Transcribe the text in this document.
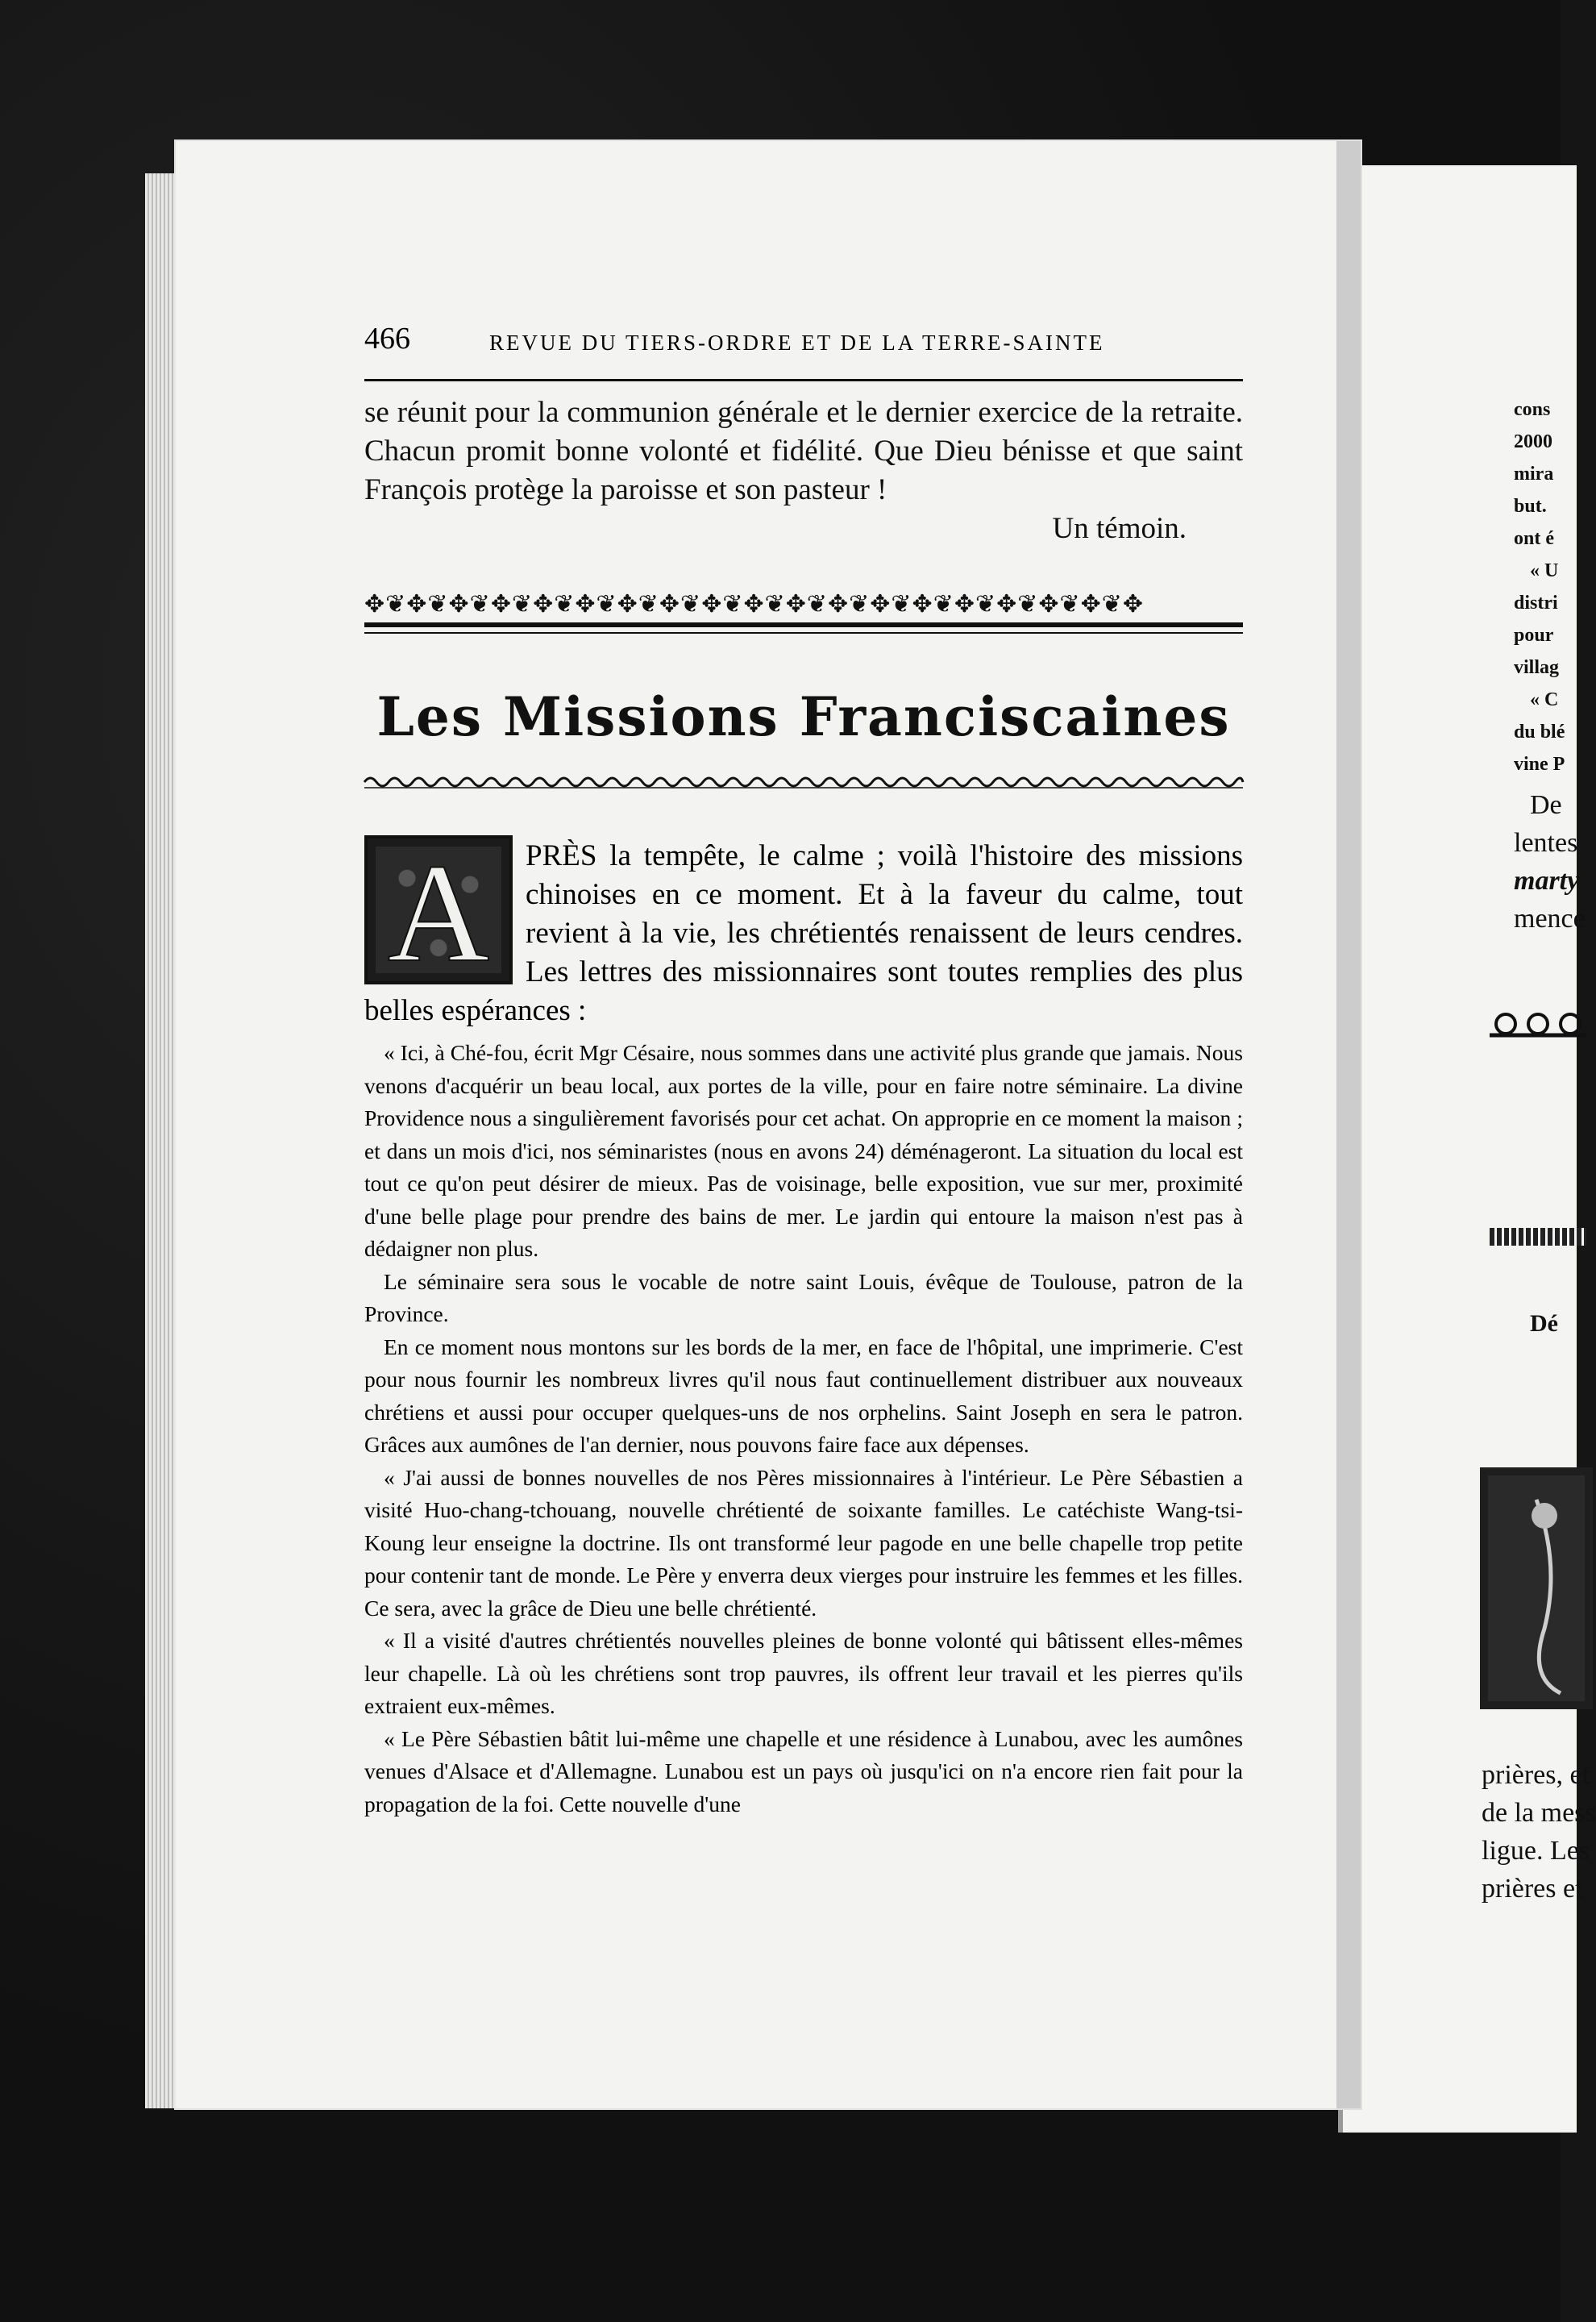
cons
2000
mira
but.
ont é
« U
distri
pour
villag
« C
du blé
vine P
De
lentes
marty
mence
Dé
prières, et
de la mess
ligue. Les
prières et
466	REVUE DU TIERS-ORDRE ET DE LA TERRE-SAINTE

se réunit pour la communion générale et le dernier exercice de la retraite. Chacun promit bonne volonté et fidélité. Que Dieu bénisse et que saint François protège la paroisse et son pasteur !

Un témoin.

✥❦✥❦✥❦✥❦✥❦✥❦✥❦✥❦✥❦✥❦✥❦✥❦✥❦✥❦✥❦✥❦✥❦✥❦✥
Les Missions Franciscaines
A	PRÈS la tempête, le calme ; voilà l'histoire des missions chinoises en ce moment. Et à la faveur du calme, tout revient à la vie, les chrétientés renaissent de leurs cendres. Les lettres des missionnaires sont toutes remplies des plus belles espérances :

« Ici, à Ché-fou, écrit Mgr Césaire, nous sommes dans une activité plus grande que jamais. Nous venons d'acquérir un beau local, aux portes de la ville, pour en faire notre séminaire. La divine Providence nous a singulièrement favorisés pour cet achat. On approprie en ce moment la maison ; et dans un mois d'ici, nos séminaristes (nous en avons 24) déménageront. La situation du local est tout ce qu'on peut désirer de mieux. Pas de voisinage, belle exposition, vue sur mer, proximité d'une belle plage pour prendre des bains de mer. Le jardin qui entoure la maison n'est pas à dédaigner non plus.

Le séminaire sera sous le vocable de notre saint Louis, évêque de Toulouse, patron de la Province.

En ce moment nous montons sur les bords de la mer, en face de l'hôpital, une imprimerie. C'est pour nous fournir les nombreux livres qu'il nous faut continuellement distribuer aux nouveaux chrétiens et aussi pour occuper quelques-uns de nos orphelins. Saint Joseph en sera le patron. Grâces aux aumônes de l'an dernier, nous pouvons faire face aux dépenses.

« J'ai aussi de bonnes nouvelles de nos Pères missionnaires à l'intérieur. Le Père Sébastien a visité Huo-chang-tchouang, nouvelle chrétienté de soixante familles. Le catéchiste Wang-tsi-Koung leur enseigne la doctrine. Ils ont transformé leur pagode en une belle chapelle trop petite pour contenir tant de monde. Le Père y enverra deux vierges pour instruire les femmes et les filles. Ce sera, avec la grâce de Dieu une belle chrétienté.

« Il a visité d'autres chrétientés nouvelles pleines de bonne volonté qui bâtissent elles-mêmes leur chapelle. Là où les chrétiens sont trop pauvres, ils offrent leur travail et les pierres qu'ils extraient eux-mêmes.

« Le Père Sébastien bâtit lui-même une chapelle et une résidence à Lunabou, avec les aumônes venues d'Alsace et d'Allemagne. Lunabou est un pays où jusqu'ici on n'a encore rien fait pour la propagation de la foi. Cette nouvelle d'une
